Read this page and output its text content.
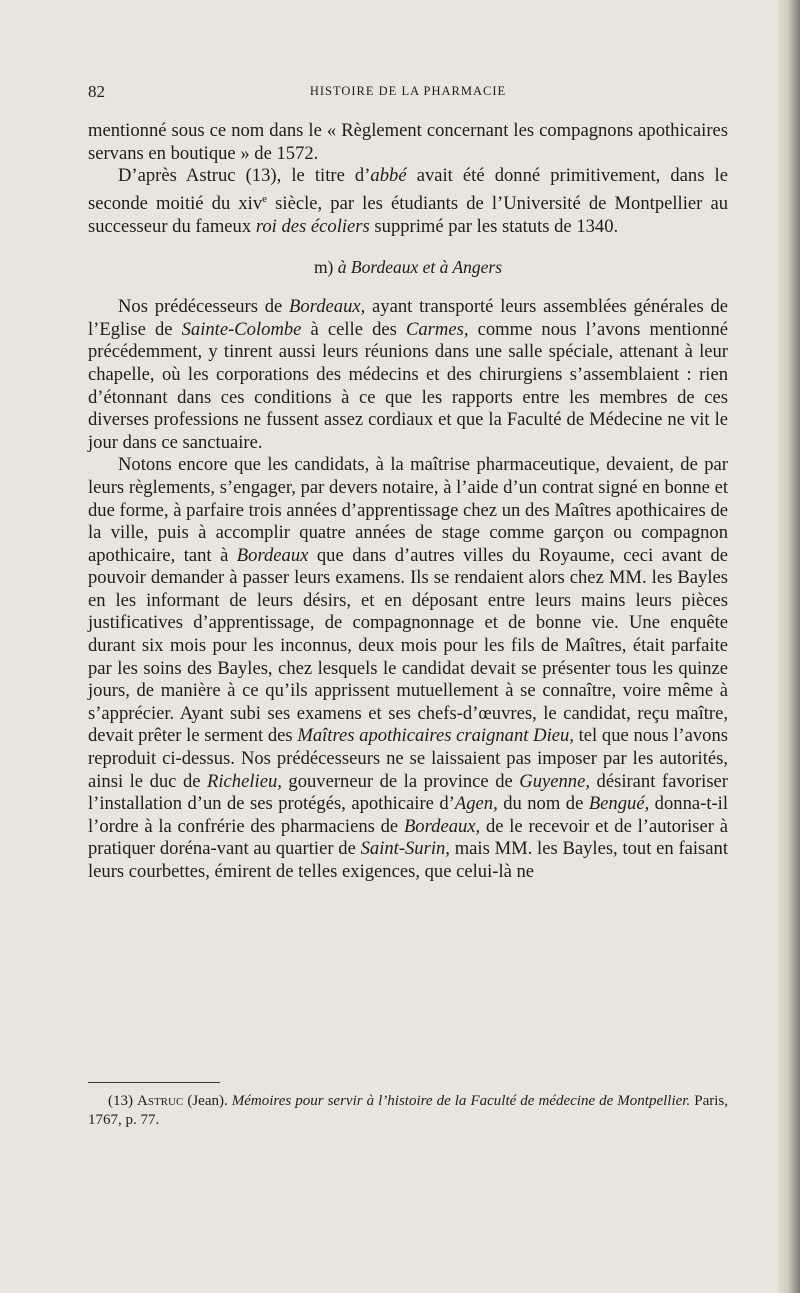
82	HISTOIRE DE LA PHARMACIE

mentionné sous ce nom dans le « Règlement concernant les compagnons apothicaires servans en boutique » de 1572.

D’après Astruc (13), le titre d’abbé avait été donné primitivement, dans le seconde moitié du xiv$^e$ siècle, par les étudiants de l’Université de Montpellier au successeur du fameux roi des écoliers supprimé par les statuts de 1340.

m) à Bordeaux et à Angers

Nos prédécesseurs de Bordeaux, ayant transporté leurs assemblées générales de l’Eglise de Sainte-Colombe à celle des Carmes, comme nous l’avons mentionné précédemment, y tinrent aussi leurs réunions dans une salle spéciale, attenant à leur chapelle, où les corporations des médecins et des chirurgiens s’assemblaient : rien d’étonnant dans ces conditions à ce que les rapports entre les membres de ces diverses professions ne fussent assez cordiaux et que la Faculté de Médecine ne vit le jour dans ce sanctuaire.

Notons encore que les candidats, à la maîtrise pharmaceutique, devaient, de par leurs règlements, s’engager, par devers notaire, à l’aide d’un contrat signé en bonne et due forme, à parfaire trois années d’apprentissage chez un des Maîtres apothicaires de la ville, puis à accomplir quatre années de stage comme garçon ou compagnon apothicaire, tant à Bordeaux que dans d’autres villes du Royaume, ceci avant de pouvoir demander à passer leurs examens. Ils se rendaient alors chez MM. les Bayles en les informant de leurs désirs, et en déposant entre leurs mains leurs pièces justificatives d’apprentissage, de compagnonnage et de bonne vie. Une enquête durant six mois pour les inconnus, deux mois pour les fils de Maîtres, était parfaite par les soins des Bayles, chez lesquels le candidat devait se présenter tous les quinze jours, de manière à ce qu’ils apprissent mutuellement à se connaître, voire même à s’apprécier. Ayant subi ses examens et ses chefs-d’œuvres, le candidat, reçu maître, devait prêter le serment des Maîtres apothicaires craignant Dieu, tel que nous l’avons reproduit ci-dessus. Nos prédécesseurs ne se laissaient pas imposer par les autorités, ainsi le duc de Richelieu, gouverneur de la province de Guyenne, désirant favoriser l’installation d’un de ses protégés, apothicaire d’Agen, du nom de Bengué, donna-t-il l’ordre à la confrérie des pharmaciens de Bordeaux, de le recevoir et de l’autoriser à pratiquer doréna-vant au quartier de Saint-Surin, mais MM. les Bayles, tout en faisant leurs courbettes, émirent de telles exigences, que celui-là ne

(13) Astruc (Jean). Mémoires pour servir à l’histoire de la Faculté de médecine de Montpellier. Paris, 1767, p. 77.
